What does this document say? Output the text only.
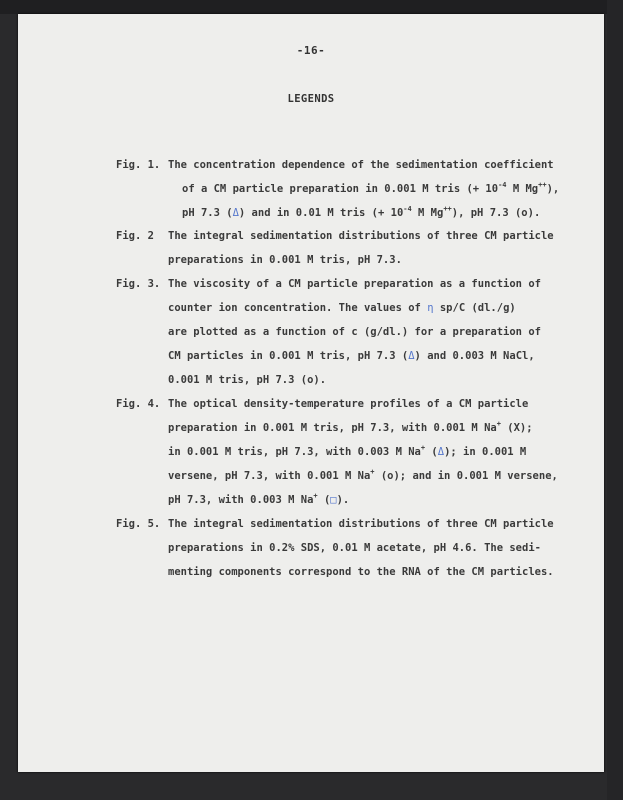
-16-
LEGENDS
Fig. 1. The concentration dependence of the sedimentation coefficient
of a CM particle preparation in 0.001 M tris (+ $10^{-4}$ M Mg++),
pH 7.3 (Δ) and in 0.01 M tris (+ $10^{-4}$ M Mg++), pH 7.3 (o).
Fig. 2 The integral sedimentation distributions of three CM particle
preparations in 0.001 M tris, pH 7.3.
Fig. 3. The viscosity of a CM particle preparation as a function of
counter ion concentration. The values of η sp/C (dl./g)
are plotted as a function of c (g/dl.) for a preparation of
CM particles in 0.001 M tris, pH 7.3 (Δ) and 0.003 M NaCl,
0.001 M tris, pH 7.3 (o).
Fig. 4. The optical density-temperature profiles of a CM particle
preparation in 0.001 M tris, pH 7.3, with 0.001 M Na+ (X);
in 0.001 M tris, pH 7.3, with 0.003 M Na+ (Δ); in 0.001 M
versene, pH 7.3, with 0.001 M Na+ (o); and in 0.001 M versene,
pH 7.3, with 0.003 M Na+ (□).
Fig. 5. The integral sedimentation distributions of three CM particle
preparations in 0.2% SDS, 0.01 M acetate, pH 4.6. The sedi-
menting components correspond to the RNA of the CM particles.
